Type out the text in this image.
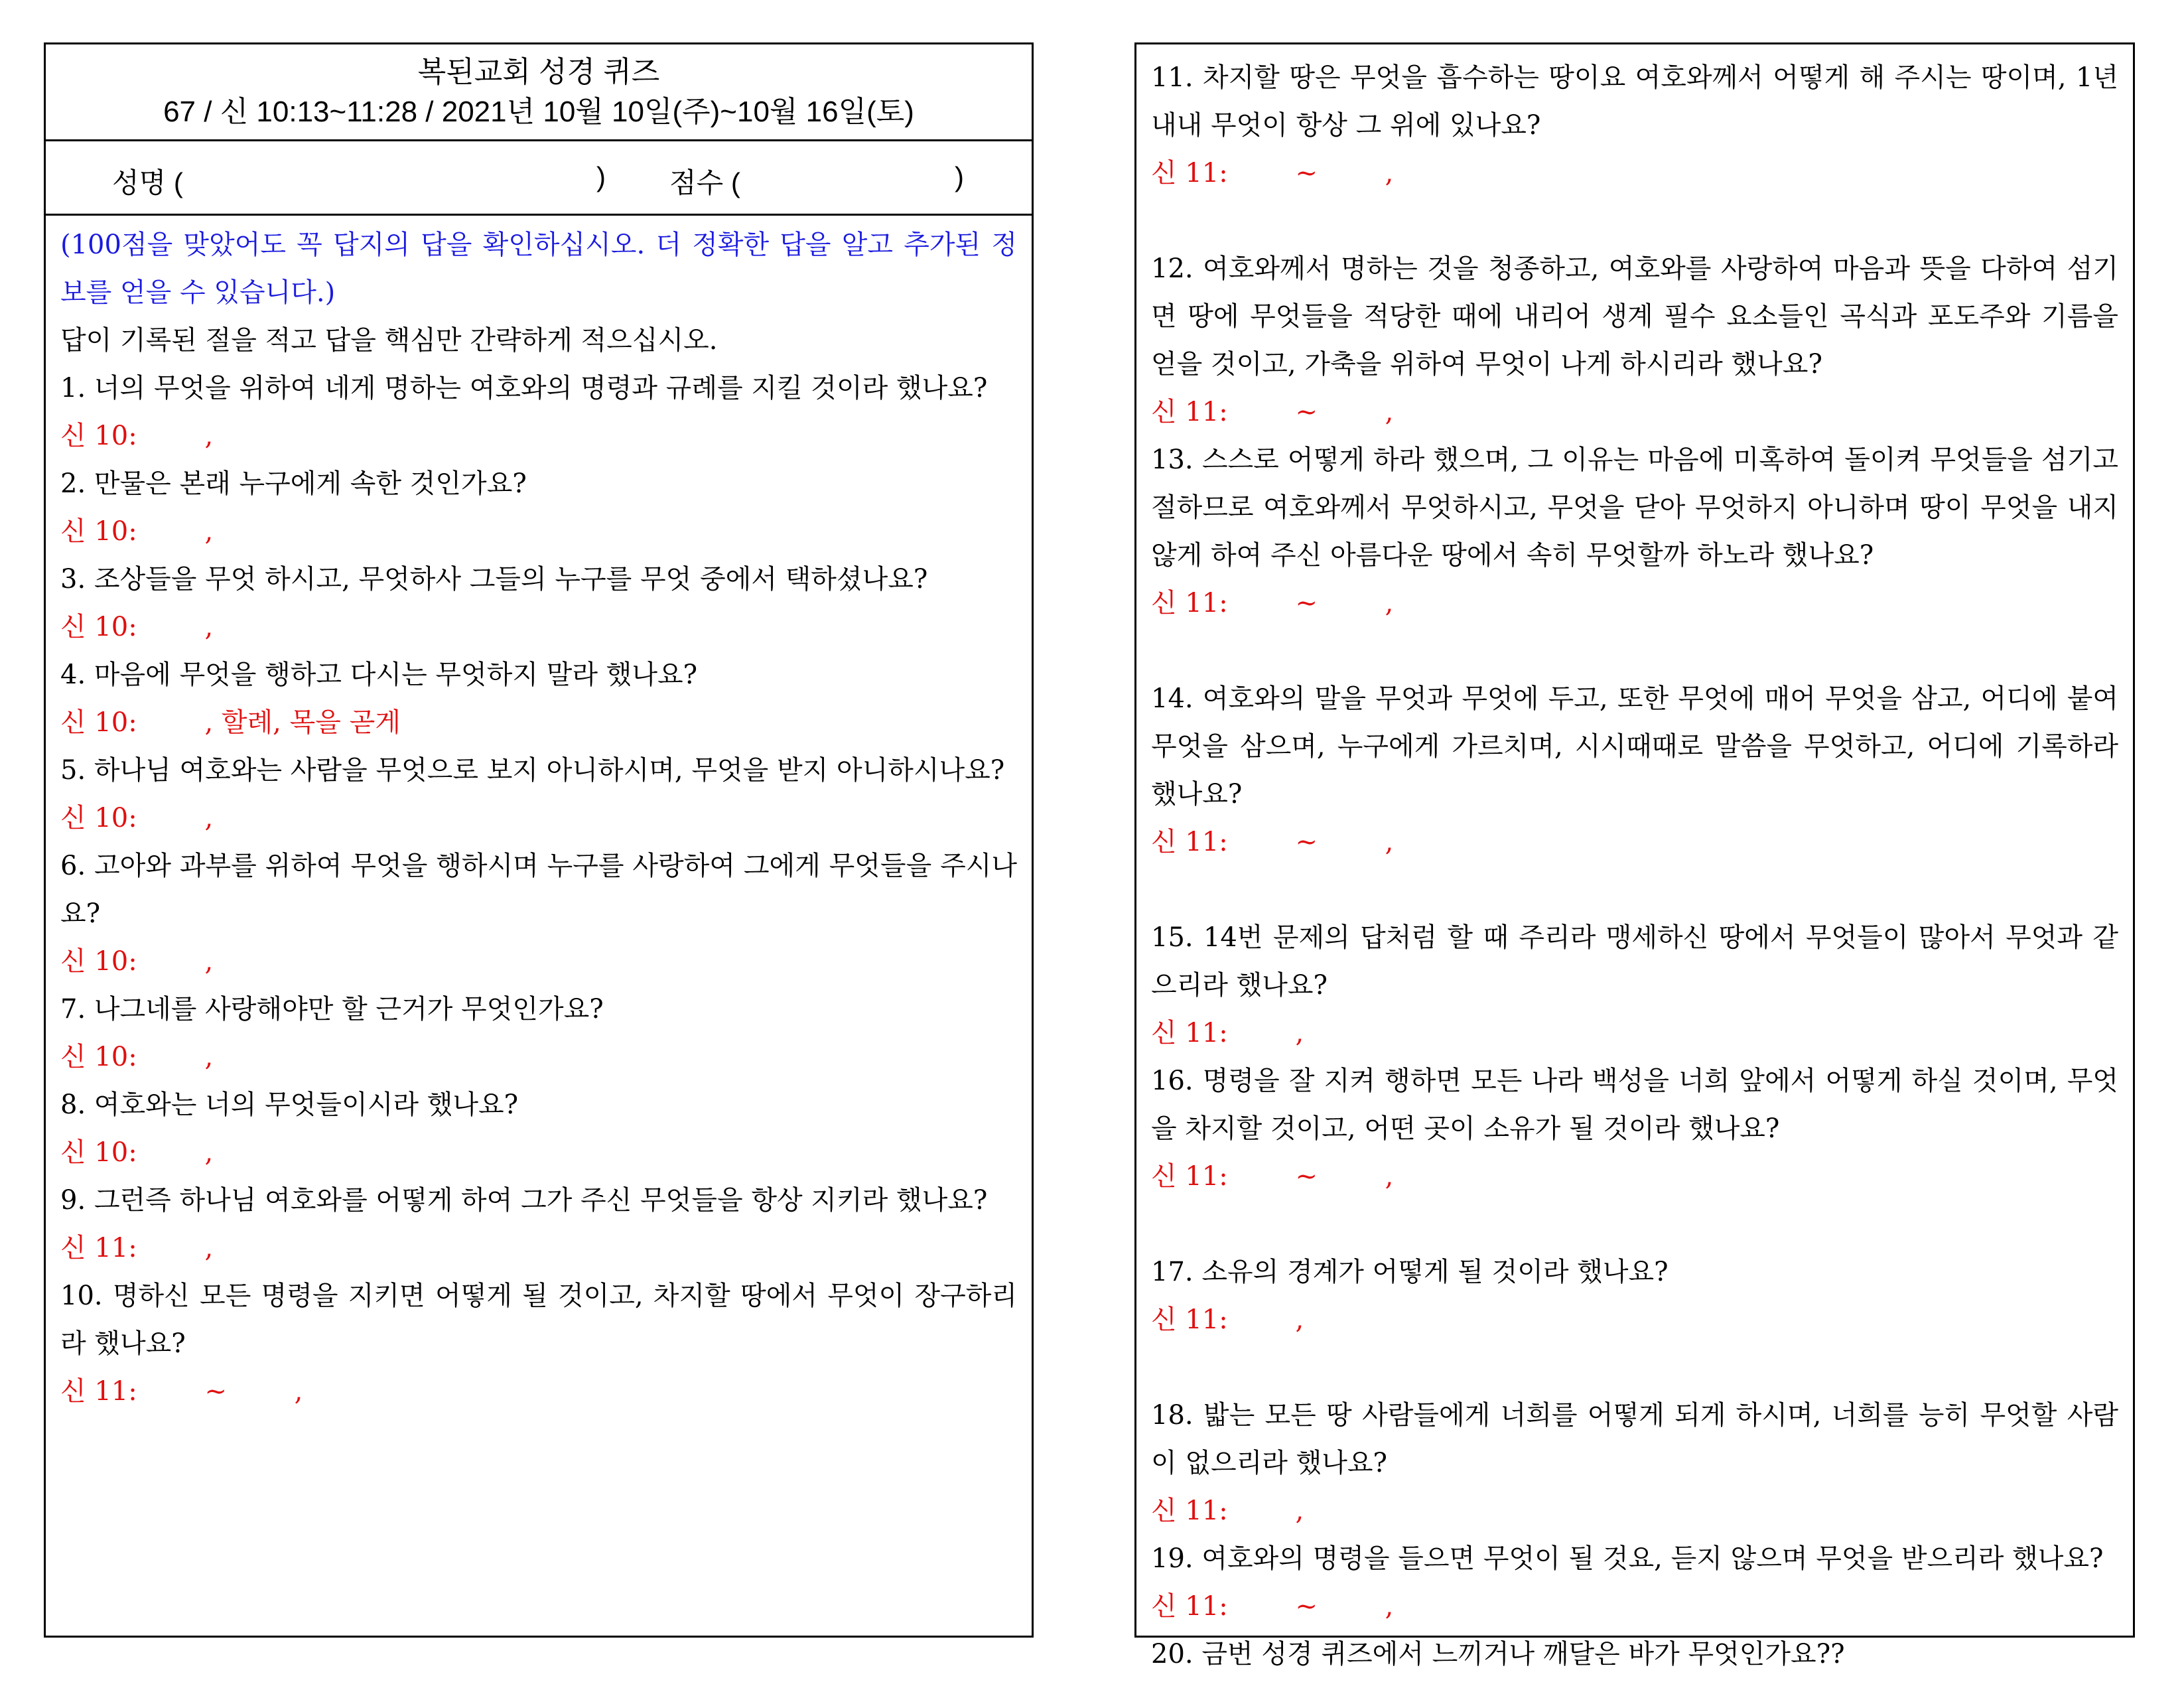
복된교회 성경 퀴즈
67 / 신 10:13~11:28 / 2021년 10월 10일(주)~10월 16일(토)
성명 (	) 점수 (	)
(100점을 맞았어도 꼭 답지의 답을 확인하십시오. 더 정확한 답을 알고 추가된 정보를 얻을 수 있습니다.)
답이 기록된 절을 적고 답을 핵심만 간략하게 적으십시오.
1. 너의 무엇을 위하여 네게 명하는 여호와의 명령과 규례를 지킬 것이라 했나요?
신 10:        ,
2. 만물은 본래 누구에게 속한 것인가요?
신 10:        ,
3. 조상들을 무엇 하시고, 무엇하사 그들의 누구를 무엇 중에서 택하셨나요?
신 10:        ,
4. 마음에 무엇을 행하고 다시는 무엇하지 말라 했나요?
신 10:        , 할례, 목을 곧게
5. 하나님 여호와는 사람을 무엇으로 보지 아니하시며, 무엇을 받지 아니하시나요?
신 10:        ,
6. 고아와 과부를 위하여 무엇을 행하시며 누구를 사랑하여 그에게 무엇들을 주시나요?
신 10:        ,
7. 나그네를 사랑해야만 할 근거가 무엇인가요?
신 10:        ,
8. 여호와는 너의 무엇들이시라 했나요?
신 10:        ,
9. 그런즉 하나님 여호와를 어떻게 하여 그가 주신 무엇들을 항상 지키라 했나요?
신 11:        ,
10. 명하신 모든 명령을 지키면 어떻게 될 것이고, 차지할 땅에서 무엇이 장구하리라 했나요?
신 11:        ~        ,
11. 차지할 땅은 무엇을 흡수하는 땅이요 여호와께서 어떻게 해 주시는 땅이며, 1년 내내 무엇이 항상 그 위에 있나요?
신 11:        ~        ,
12. 여호와께서 명하는 것을 청종하고, 여호와를 사랑하여 마음과 뜻을 다하여 섬기면 땅에 무엇들을 적당한 때에 내리어 생계 필수 요소들인 곡식과 포도주와 기름을 얻을 것이고, 가축을 위하여 무엇이 나게 하시리라 했나요?
신 11:        ~        ,
13. 스스로 어떻게 하라 했으며, 그 이유는 마음에 미혹하여 돌이켜 무엇들을 섬기고 절하므로 여호와께서 무엇하시고, 무엇을 닫아 무엇하지 아니하며 땅이 무엇을 내지 않게 하여 주신 아름다운 땅에서 속히 무엇할까 하노라 했나요?
신 11:        ~        ,
14. 여호와의 말을 무엇과 무엇에 두고, 또한 무엇에 매어 무엇을 삼고, 어디에 붙여 무엇을 삼으며, 누구에게 가르치며, 시시때때로 말씀을 무엇하고, 어디에 기록하라 했나요?
신 11:        ~        ,
15. 14번 문제의 답처럼 할 때 주리라 맹세하신 땅에서 무엇들이 많아서 무엇과 같으리라 했나요?
신 11:        ,
16. 명령을 잘 지켜 행하면 모든 나라 백성을 너희 앞에서 어떻게 하실 것이며, 무엇을 차지할 것이고, 어떤 곳이 소유가 될 것이라 했나요?
신 11:        ~        ,
17. 소유의 경계가 어떻게 될 것이라 했나요?
신 11:        ,
18. 밟는 모든 땅 사람들에게 너희를 어떻게 되게 하시며, 너희를 능히 무엇할 사람이 없으리라 했나요?
신 11:        ,
19. 여호와의 명령을 들으면 무엇이 될 것요, 듣지 않으며 무엇을 받으리라 했나요?
신 11:        ~        ,
20. 금번 성경 퀴즈에서 느끼거나 깨달은 바가 무엇인가요??
